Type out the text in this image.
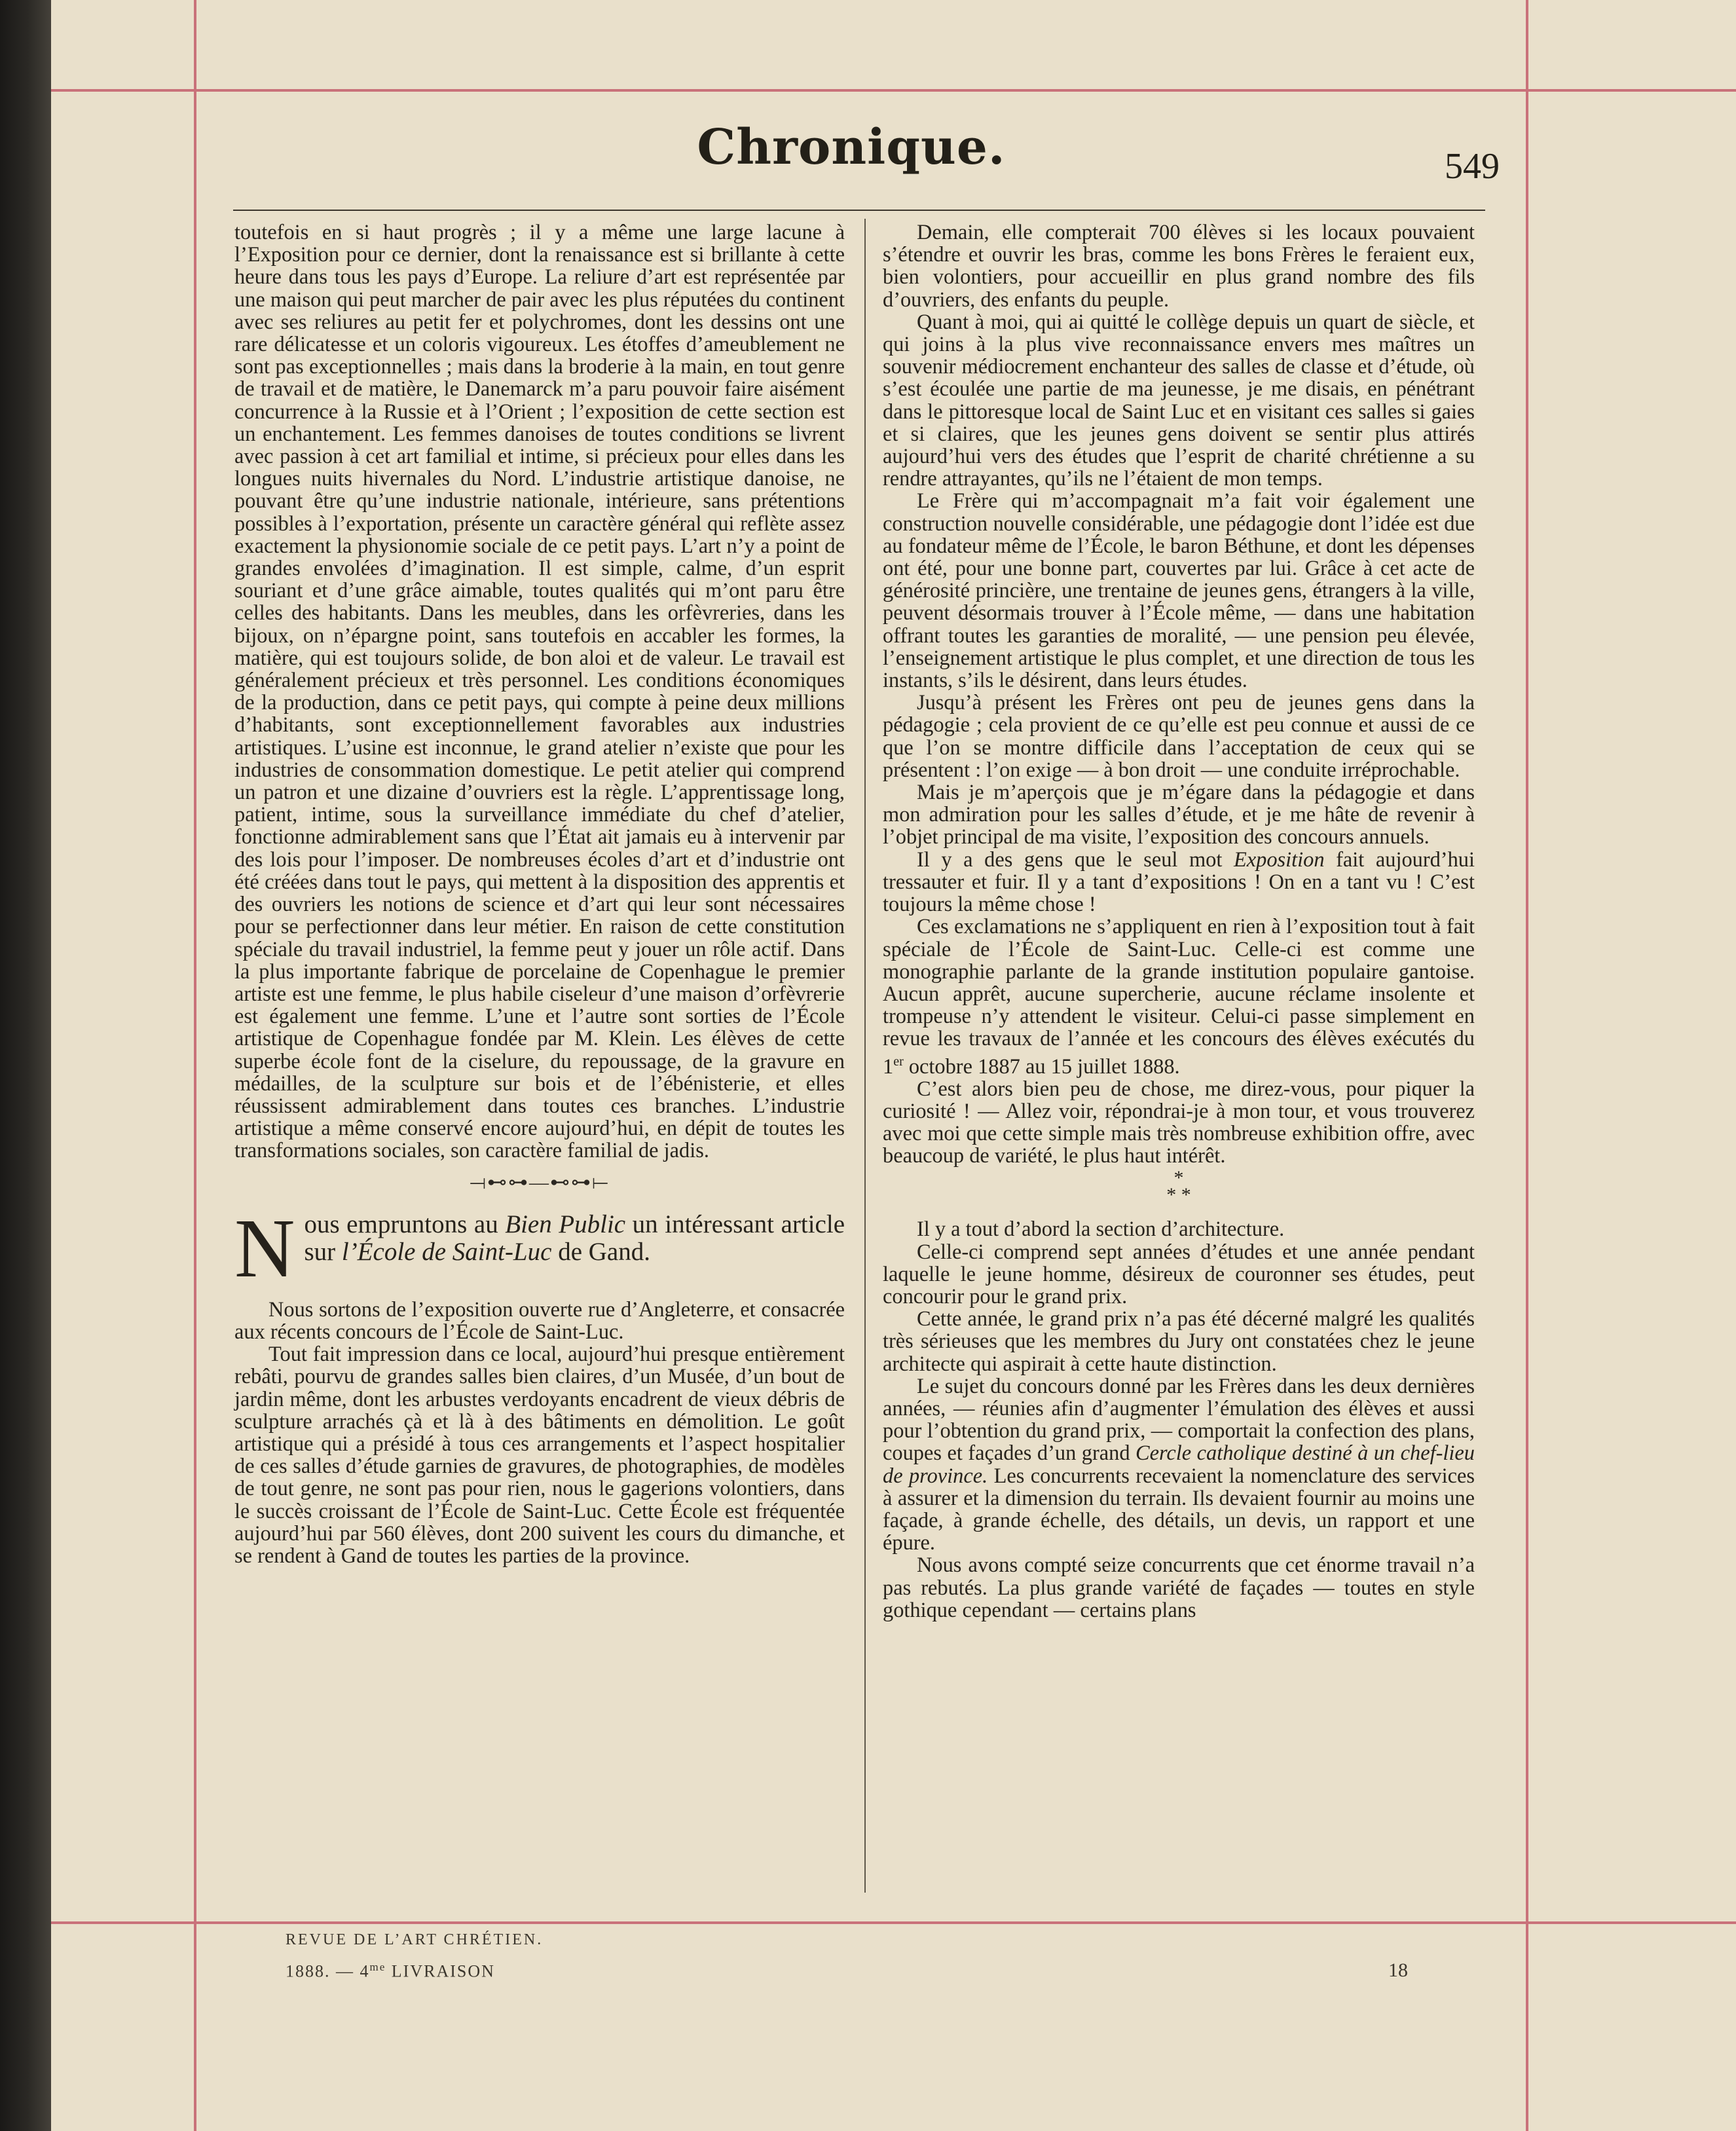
Chronique.	549

toutefois en si haut progrès ; il y a même une large lacune à l’Exposition pour ce dernier, dont la renaissance est si brillante à cette heure dans tous les pays d’Europe. La reliure d’art est représentée par une maison qui peut marcher de pair avec les plus réputées du continent avec ses reliures au petit fer et polychromes, dont les dessins ont une rare délicatesse et un coloris vigoureux. Les étoffes d’ameublement ne sont pas exceptionnelles ; mais dans la broderie à la main, en tout genre de travail et de matière, le Danemarck m’a paru pouvoir faire aisément concurrence à la Russie et à l’Orient ; l’exposition de cette section est un enchantement. Les femmes danoises de toutes conditions se livrent avec passion à cet art familial et intime, si précieux pour elles dans les longues nuits hivernales du Nord. L’industrie artistique danoise, ne pouvant être qu’une industrie nationale, intérieure, sans prétentions possibles à l’exportation, présente un caractère général qui reflète assez exactement la physionomie sociale de ce petit pays. L’art n’y a point de grandes envolées d’imagination. Il est simple, calme, d’un esprit souriant et d’une grâce aimable, toutes qualités qui m’ont paru être celles des habitants. Dans les meubles, dans les orfèvreries, dans les bijoux, on n’épargne point, sans toutefois en accabler les formes, la matière, qui est toujours solide, de bon aloi et de valeur. Le travail est généralement précieux et très personnel. Les conditions économiques de la production, dans ce petit pays, qui compte à peine deux millions d’habitants, sont exceptionnellement favorables aux industries artistiques. L’usine est inconnue, le grand atelier n’existe que pour les industries de consommation domestique. Le petit atelier qui comprend un patron et une dizaine d’ouvriers est la règle. L’apprentissage long, patient, intime, sous la surveillance immédiate du chef d’atelier, fonctionne admirablement sans que l’État ait jamais eu à intervenir par des lois pour l’imposer. De nombreuses écoles d’art et d’industrie ont été créées dans tout le pays, qui mettent à la disposition des apprentis et des ouvriers les notions de science et d’art qui leur sont nécessaires pour se perfectionner dans leur métier. En raison de cette constitution spéciale du travail industriel, la femme peut y jouer un rôle actif. Dans la plus importante fabrique de porcelaine de Copenhague le premier artiste est une femme, le plus habile ciseleur d’une maison d’orfèvrerie est également une femme. L’une et l’autre sont sorties de l’École artistique de Copenhague fondée par M. Klein. Les élèves de cette superbe école font de la ciselure, du repoussage, de la gravure en médailles, de la sculpture sur bois et de l’ébénisterie, et elles réussissent admirablement dans toutes ces branches. L’industrie artistique a même conservé encore aujourd’hui, en dépit de toutes les transformations sociales, son caractère familial de jadis.

⟞⊷⊶—⊷⊶⟝
N ous empruntons au Bien Public un intéressant article sur l’École de Saint-Luc de Gand.

Nous sortons de l’exposition ouverte rue d’Angleterre, et consacrée aux récents concours de l’École de Saint-Luc.

Tout fait impression dans ce local, aujourd’hui presque entièrement rebâti, pourvu de grandes salles bien claires, d’un Musée, d’un bout de jardin même, dont les arbustes verdoyants encadrent de vieux débris de sculpture arrachés çà et là à des bâtiments en démolition. Le goût artistique qui a présidé à tous ces arrangements et l’aspect hospitalier de ces salles d’étude garnies de gravures, de photographies, de modèles de tout genre, ne sont pas pour rien, nous le gagerions volontiers, dans le succès croissant de l’École de Saint-Luc. Cette École est fréquentée aujourd’hui par 560 élèves, dont 200 suivent les cours du dimanche, et se rendent à Gand de toutes les parties de la province.

Demain, elle compterait 700 élèves si les locaux pouvaient s’étendre et ouvrir les bras, comme les bons Frères le feraient eux, bien volontiers, pour accueillir en plus grand nombre des fils d’ouvriers, des enfants du peuple.

Quant à moi, qui ai quitté le collège depuis un quart de siècle, et qui joins à la plus vive reconnaissance envers mes maîtres un souvenir médiocrement enchanteur des salles de classe et d’étude, où s’est écoulée une partie de ma jeunesse, je me disais, en pénétrant dans le pittoresque local de Saint Luc et en visitant ces salles si gaies et si claires, que les jeunes gens doivent se sentir plus attirés aujourd’hui vers des études que l’esprit de charité chrétienne a su rendre attrayantes, qu’ils ne l’étaient de mon temps.

Le Frère qui m’accompagnait m’a fait voir également une construction nouvelle considérable, une pédagogie dont l’idée est due au fondateur même de l’École, le baron Béthune, et dont les dépenses ont été, pour une bonne part, couvertes par lui. Grâce à cet acte de générosité princière, une trentaine de jeunes gens, étrangers à la ville, peuvent désormais trouver à l’École même, — dans une habitation offrant toutes les garanties de moralité, — une pension peu élevée, l’enseignement artistique le plus complet, et une direction de tous les instants, s’ils le désirent, dans leurs études.

Jusqu’à présent les Frères ont peu de jeunes gens dans la pédagogie ; cela provient de ce qu’elle est peu connue et aussi de ce que l’on se montre difficile dans l’acceptation de ceux qui se présentent : l’on exige — à bon droit — une conduite irréprochable.

Mais je m’aperçois que je m’égare dans la pédagogie et dans mon admiration pour les salles d’étude, et je me hâte de revenir à l’objet principal de ma visite, l’exposition des concours annuels.

Il y a des gens que le seul mot Exposition fait aujourd’hui tressauter et fuir. Il y a tant d’expositions ! On en a tant vu ! C’est toujours la même chose !

Ces exclamations ne s’appliquent en rien à l’exposition tout à fait spéciale de l’École de Saint-Luc. Celle-ci est comme une monographie parlante de la grande institution populaire gantoise. Aucun apprêt, aucune supercherie, aucune réclame insolente et trompeuse n’y attendent le visiteur. Celui-ci passe simplement en revue les travaux de l’année et les concours des élèves exécutés du 1er octobre 1887 au 15 juillet 1888.

C’est alors bien peu de chose, me direz-vous, pour piquer la curiosité ! — Allez voir, répondrai-je à mon tour, et vous trouverez avec moi que cette simple mais très nombreuse exhibition offre, avec beaucoup de variété, le plus haut intérêt.

*
* *

Il y a tout d’abord la section d’architecture.

Celle-ci comprend sept années d’études et une année pendant laquelle le jeune homme, désireux de couronner ses études, peut concourir pour le grand prix.

Cette année, le grand prix n’a pas été décerné malgré les qualités très sérieuses que les membres du Jury ont constatées chez le jeune architecte qui aspirait à cette haute distinction.

Le sujet du concours donné par les Frères dans les deux dernières années, — réunies afin d’augmenter l’émulation des élèves et aussi pour l’obtention du grand prix, — comportait la confection des plans, coupes et façades d’un grand Cercle catholique destiné à un chef-lieu de province. Les concurrents recevaient la nomenclature des services à assurer et la dimension du terrain. Ils devaient fournir au moins une façade, à grande échelle, des détails, un devis, un rapport et une épure.

Nous avons compté seize concurrents que cet énorme travail n’a pas rebutés. La plus grande variété de façades — toutes en style gothique cependant — certains plans

REVUE DE L’ART CHRÉTIEN.
1888. — $4^{me}$ LIVRAISON	18
